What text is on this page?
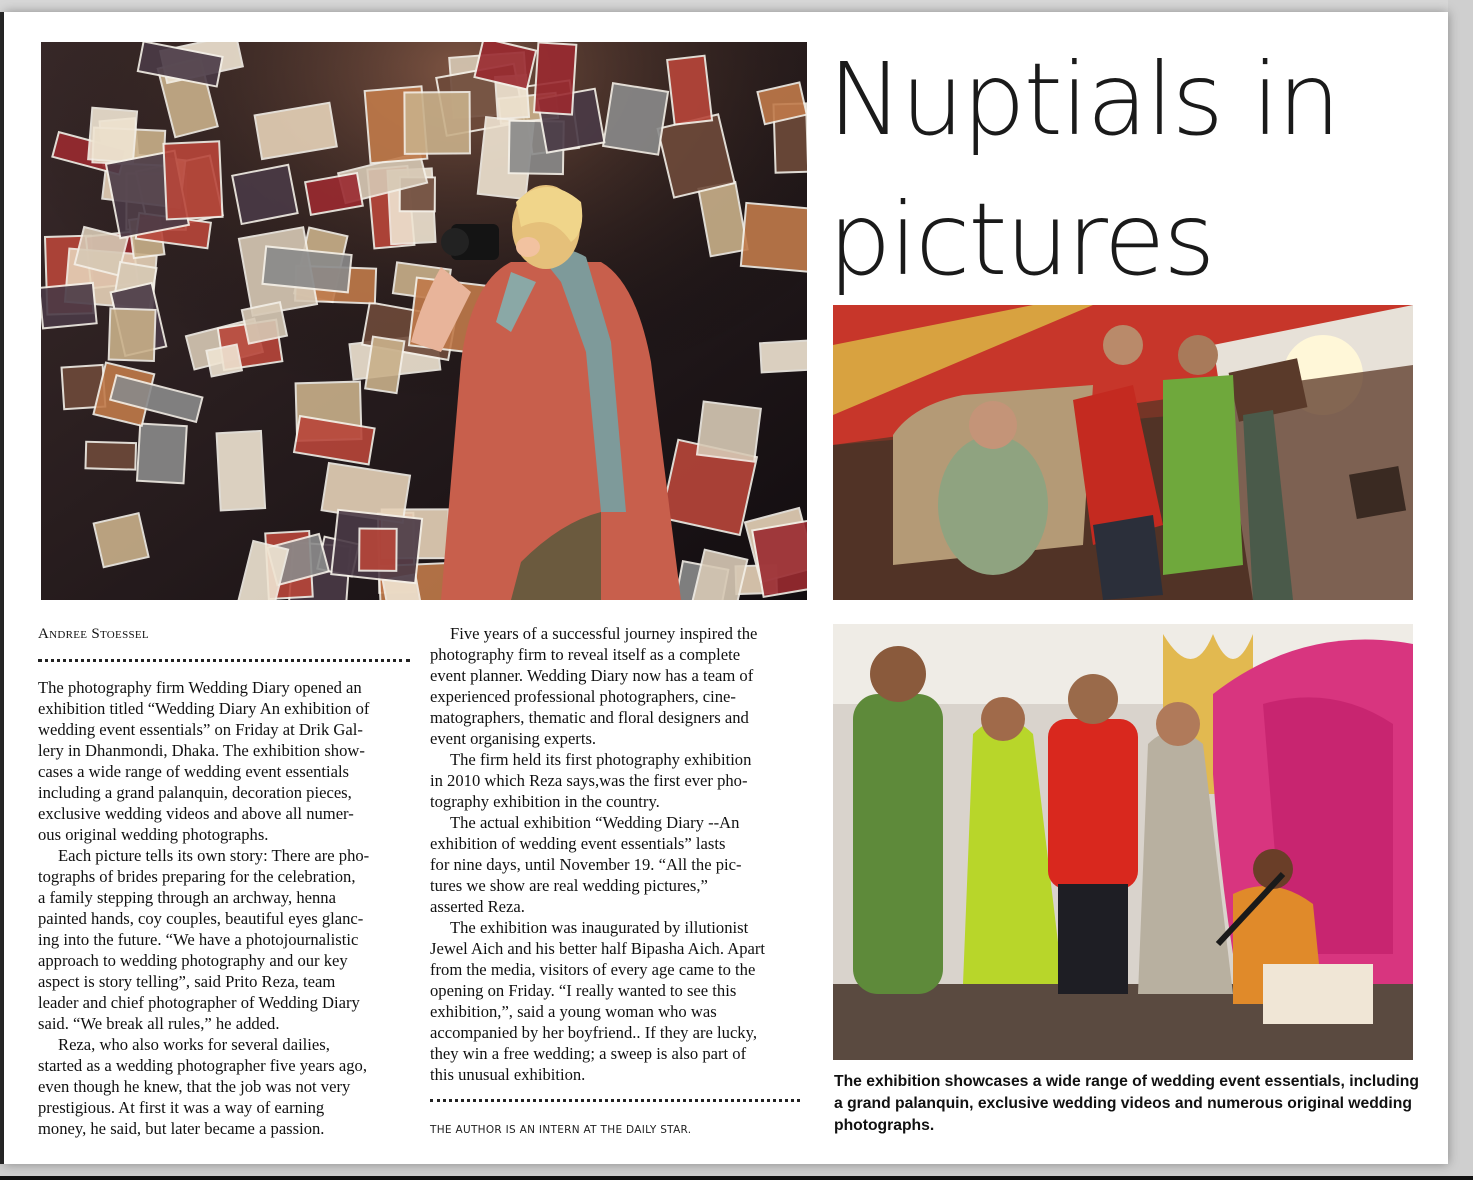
Nuptials in pictures
Andree Stoessel

The photography firm Wedding Diary opened an
exhibition titled “Wedding Diary An exhibition of
wedding event essentials” on Friday at Drik Gal-
lery in Dhanmondi, Dhaka. The exhibition show-
cases a wide range of wedding event essentials
including a grand palanquin, decoration pieces,
exclusive wedding videos and above all numer-
ous original wedding photographs.

Each picture tells its own story: There are pho-
tographs of brides preparing for the celebration,
a family stepping through an archway, henna
painted hands, coy couples, beautiful eyes glanc-
ing into the future. “We have a photojournalistic
approach to wedding photography and our key
aspect is story telling”, said Prito Reza, team
leader and chief photographer of Wedding Diary
said. “We break all rules,” he added.

Reza, who also works for several dailies,
started as a wedding photographer five years ago,
even though he knew, that the job was not very
prestigious. At first it was a way of earning
money, he said, but later became a passion.

Five years of a successful journey inspired the
photography firm to reveal itself as a complete
event planner. Wedding Diary now has a team of
experienced professional photographers, cine-
matographers, thematic and floral designers and
event organising experts.

The firm held its first photography exhibition
in 2010 which Reza says,was the first ever pho-
tography exhibition in the country.

The actual exhibition “Wedding Diary --An
exhibition of wedding event essentials” lasts
for nine days, until November 19. “All the pic-
tures we show are real wedding pictures,”
asserted Reza.

The exhibition was inaugurated by illutionist
Jewel Aich and his better half Bipasha Aich. Apart
from the media, visitors of every age came to the
opening on Friday. “I really wanted to see this
exhibition,”, said a young woman who was
accompanied by her boyfriend.. If they are lucky,
they win a free wedding; a sweep is also part of
this unusual exhibition.

THE AUTHOR IS AN INTERN AT THE DAILY STAR.
The exhibition showcases a wide range of wedding event essentials, including
a grand palanquin, exclusive wedding videos and numerous original wedding
photographs.
